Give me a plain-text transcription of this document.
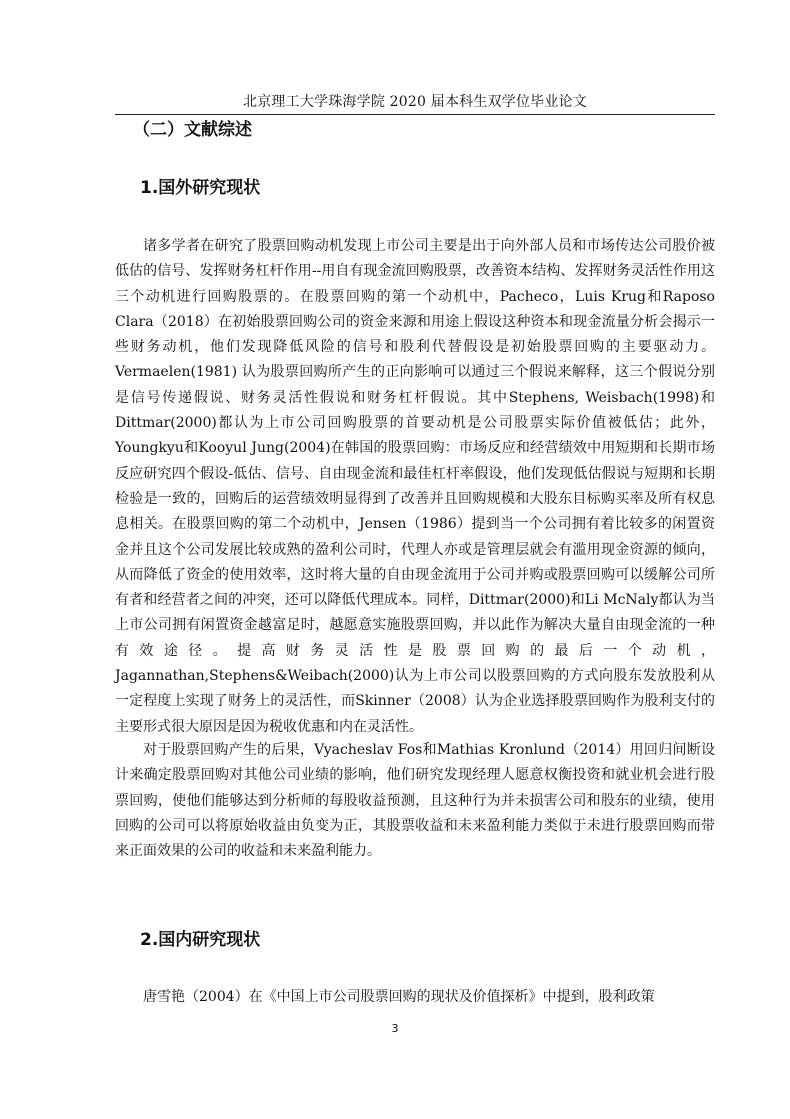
北京理工大学珠海学院 2020 届本科生双学位毕业论文
（二）文献综述
1.国外研究现状

诸多学者在研究了股票回购动机发现上市公司主要是出于向外部人员和市场传达公司股价被低估的信号、发挥财务杠杆作用--用自有现金流回购股票，改善资本结构、发挥财务灵活性作用这三个动机进行回购股票的。在股票回购的第一个动机中，Pacheco，Luis Krug和Raposo Clara（2018）在初始股票回购公司的资金来源和用途上假设这种资本和现金流量分析会揭示一些财务动机，他们发现降低风险的信号和股利代替假设是初始股票回购的主要驱动力。Vermaelen(1981) 认为股票回购所产生的正向影响可以通过三个假说来解释，这三个假说分别是信号传递假说、财务灵活性假说和财务杠杆假说。其中Stephens, Weisbach(1998)和Dittmar(2000)都认为上市公司回购股票的首要动机是公司股票实际价值被低估；此外，Youngkyu和Kooyul Jung(2004)在韩国的股票回购：市场反应和经营绩效中用短期和长期市场反应研究四个假设-低估、信号、自由现金流和最佳杠杆率假设，他们发现低估假说与短期和长期检验是一致的，回购后的运营绩效明显得到了改善并且回购规模和大股东目标购买率及所有权息息相关。在股票回购的第二个动机中，Jensen（1986）提到当一个公司拥有着比较多的闲置资金并且这个公司发展比较成熟的盈利公司时，代理人亦或是管理层就会有滥用现金资源的倾向，从而降低了资金的使用效率，这时将大量的自由现金流用于公司并购或股票回购可以缓解公司所有者和经营者之间的冲突，还可以降低代理成本。同样，Dittmar(2000)和Li McNaly都认为当上市公司拥有闲置资金越富足时，越愿意实施股票回购，并以此作为解决大量自由现金流的一种有效途径。提高财务灵活性是股票回购的最后一个动机，Jagannathan,Stephens&Weibach(2000)认为上市公司以股票回购的方式向股东发放股利从一定程度上实现了财务上的灵活性，而Skinner（2008）认为企业选择股票回购作为股利支付的主要形式很大原因是因为税收优惠和内在灵活性。

对于股票回购产生的后果，Vyacheslav Fos和Mathias Kronlund（2014）用回归间断设计来确定股票回购对其他公司业绩的影响，他们研究发现经理人愿意权衡投资和就业机会进行股票回购，使他们能够达到分析师的每股收益预测，且这种行为并未损害公司和股东的业绩，使用回购的公司可以将原始收益由负变为正，其股票收益和未来盈利能力类似于未进行股票回购而带来正面效果的公司的收益和未来盈利能力。

2.国内研究现状

唐雪艳（2004）在《中国上市公司股票回购的现状及价值探析》中提到，股利政策

3
